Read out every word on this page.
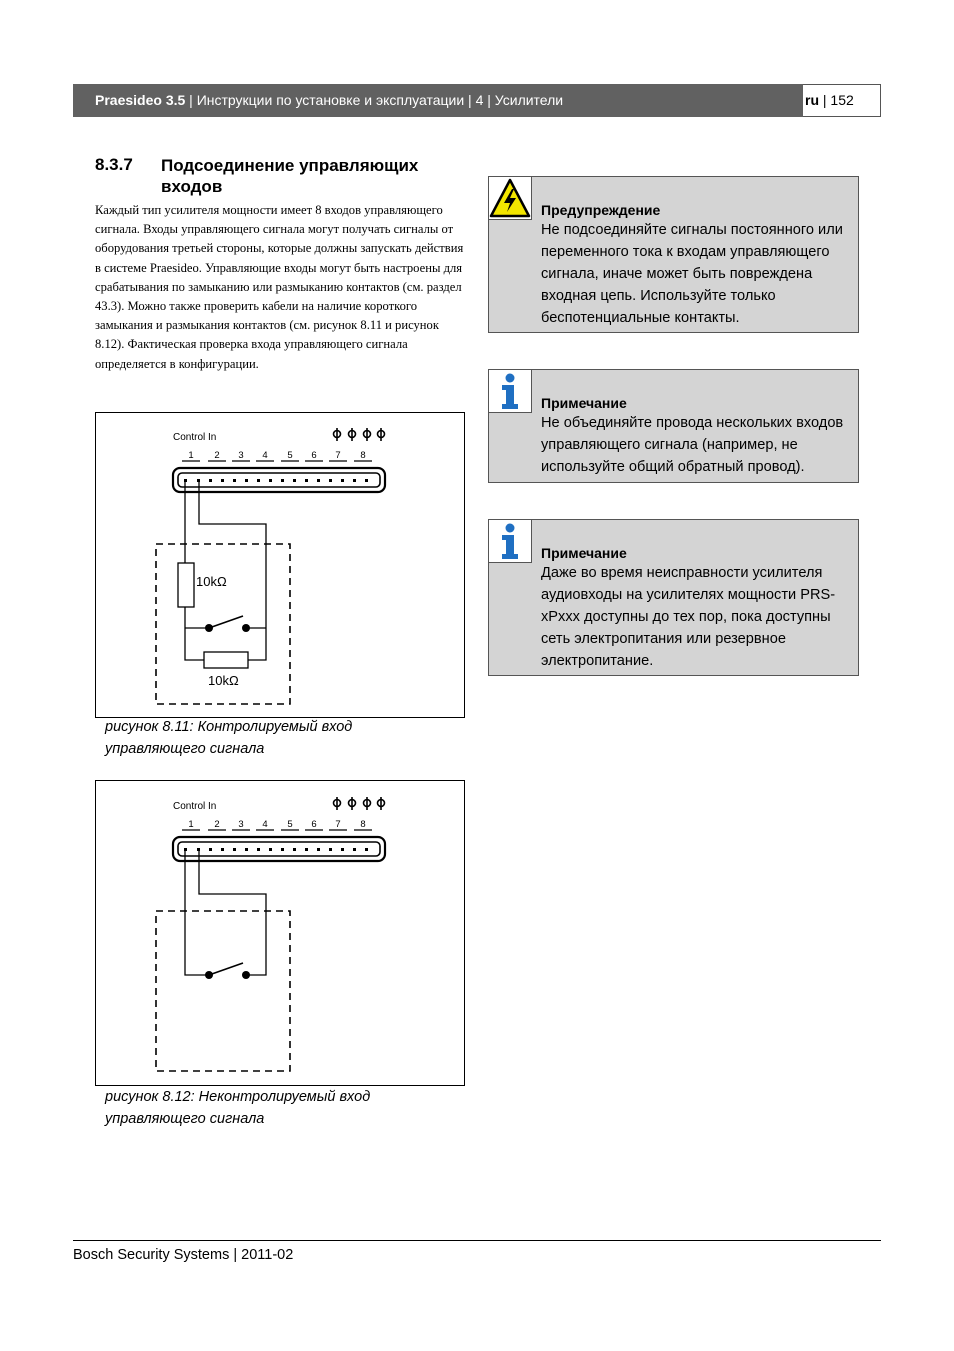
Praesideo 3.5 | Инструкции по установке и эксплуатации | 4 | Усилители	ru | 152
8.3.7 Подсоединение управляющих входов
Каждый тип усилителя мощности имеет 8 входов управляющего сигнала. Входы управляющего сигнала могут получать сигналы от оборудования третьей стороны, которые должны запускать действия в системе Praesideo. Управляющие входы могут быть настроены для срабатывания по замыканию или размыканию контактов (см. раздел 43.3). Можно также проверить кабели на наличие короткого замыкания и размыкания контактов (см. рисунок 8.11 и рисунок 8.12). Фактическая проверка входа управляющего сигнала определяется в конфигурации.
Control In
1 2 3 4 5 6 7 8
10kΩ
10kΩ
рисунок 8.11: Контролируемый вход управляющего сигнала
Control In
1 2 3 4 5 6 7 8
рисунок 8.12: Неконтролируемый вход управляющего сигнала
Предупреждение
Не подсоединяйте сигналы постоянного или переменного тока к входам управляющего сигнала, иначе может быть повреждена входная цепь. Используйте только беспотенциальные контакты.
Примечание
Не объединяйте провода нескольких входов управляющего сигнала (например, не используйте общий обратный провод).
Примечание
Даже во время неисправности усилителя аудиовходы на усилителях мощности PRS-xPxxx доступны до тех пор, пока доступны сеть электропитания или резервное электропитание.
Bosch Security Systems | 2011-02
